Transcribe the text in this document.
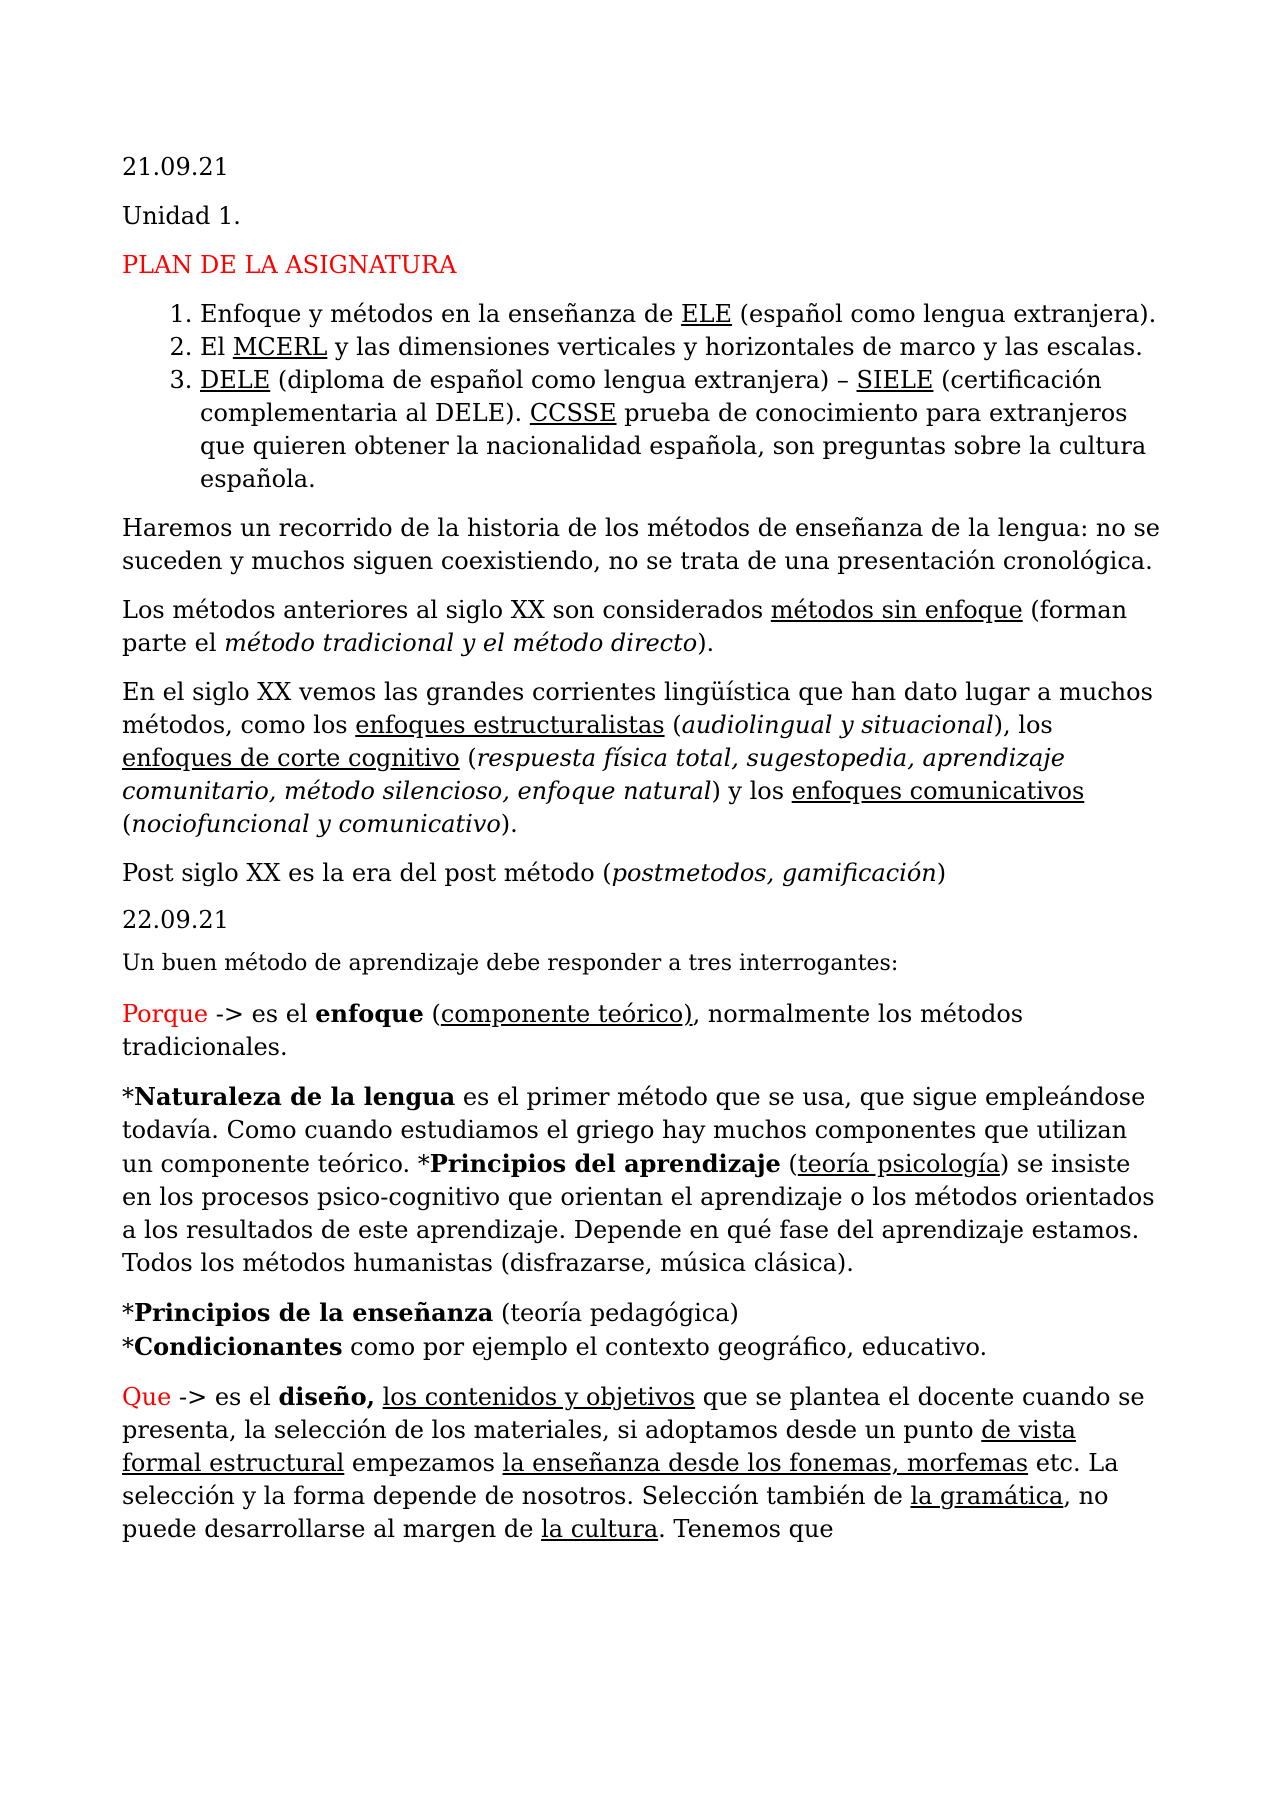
21.09.21

Unidad 1.

PLAN DE LA ASIGNATURA

1. Enfoque y métodos en la enseñanza de ELE (español como lengua extranjera).
2. El MCERL y las dimensiones verticales y horizontales de marco y las escalas.
3. DELE (diploma de español como lengua extranjera) – SIELE (certificación complementaria al DELE). CCSSE prueba de conocimiento para extranjeros que quieren obtener la nacionalidad española, son preguntas sobre la cultura española.

Haremos un recorrido de la historia de los métodos de enseñanza de la lengua: no se suceden y muchos siguen coexistiendo, no se trata de una presentación cronológica.

Los métodos anteriores al siglo XX son considerados métodos sin enfoque (forman parte el método tradicional y el método directo).

En el siglo XX vemos las grandes corrientes lingüística que han dato lugar a muchos métodos, como los enfoques estructuralistas (audiolingual y situacional), los enfoques de corte cognitivo (respuesta física total, sugestopedia, aprendizaje comunitario, método silencioso, enfoque natural) y los enfoques comunicativos (nociofuncional y comunicativo).

Post siglo XX es la era del post método (postmetodos, gamificación)

22.09.21

Un buen método de aprendizaje debe responder a tres interrogantes:

Porque -> es el enfoque (componente teórico), normalmente los métodos tradicionales.

*Naturaleza de la lengua es el primer método que se usa, que sigue empleándose todavía. Como cuando estudiamos el griego hay muchos componentes que utilizan un componente teórico. *Principios del aprendizaje (teoría psicología) se insiste en los procesos psico-cognitivo que orientan el aprendizaje o los métodos orientados a los resultados de este aprendizaje. Depende en qué fase del aprendizaje estamos. Todos los métodos humanistas (disfrazarse, música clásica).

*Principios de la enseñanza (teoría pedagógica)

*Condicionantes como por ejemplo el contexto geográfico, educativo.

Que -> es el diseño, los contenidos y objetivos que se plantea el docente cuando se presenta, la selección de los materiales, si adoptamos desde un punto de vista formal estructural empezamos la enseñanza desde los fonemas, morfemas etc. La selección y la forma depende de nosotros. Selección también de la gramática, no puede desarrollarse al margen de la cultura. Tenemos que
